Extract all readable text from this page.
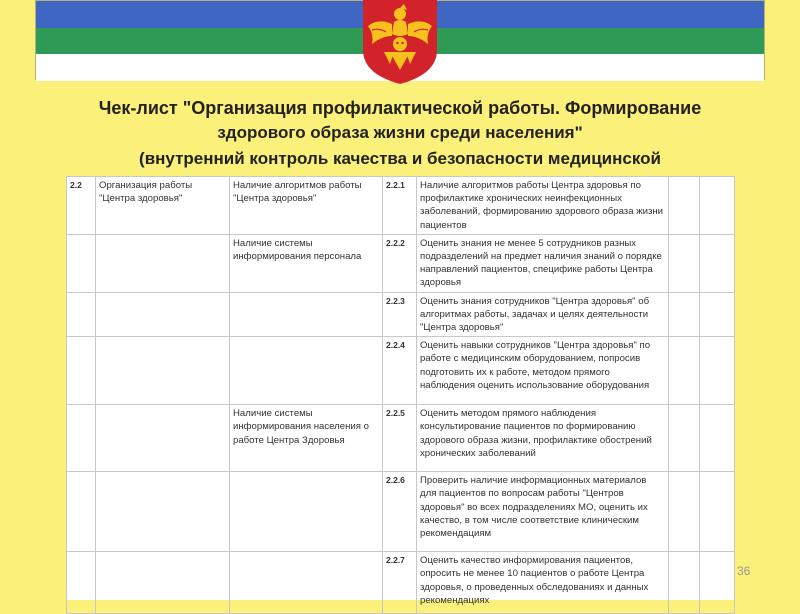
Чек-лист "Организация профилактической работы. Формирование
здорового образа жизни среди населения"
(внутренний контроль качества и безопасности медицинской
2.2	Организация работы "Центра здоровья"	Наличие алгоритмов работы "Центра здоровья"	2.2.1	Наличие алгоритмов работы Центра здоровья по профилактике хронических неинфекционных заболеваний, формированию здорового образа жизни пациентов		
		Наличие системы информирования персонала	2.2.2	Оценить знания не менее 5 сотрудников разных подразделений на предмет наличия знаний о порядке направлений пациентов, специфике работы Центра здоровья		
			2.2.3	Оценить знания сотрудников "Центра здоровья" об алгоритмах работы, задачах и целях деятельности "Центра здоровья"		
			2.2.4	Оценить навыки сотрудников "Центра здоровья" по работе с медицинским оборудованием, попросив подготовить их к работе, методом прямого наблюдения оценить использование оборудования		
		Наличие системы информирования населения о работе Центра Здоровья	2.2.5	Оценить методом прямого наблюдения консультирование пациентов по формированию здорового образа жизни, профилактике обострений хронических заболеваний		
			2.2.6	Проверить наличие информационных материалов для пациентов по вопросам работы "Центров здоровья" во всех подразделениях МО, оценить их качество, в том числе соответствие клиническим рекомендациям		
			2.2.7	Оценить качество информирования пациентов, опросить не менее 10 пациентов о работе Центра здоровья, о проведенных обследованиях и данных рекомендациях		
36
